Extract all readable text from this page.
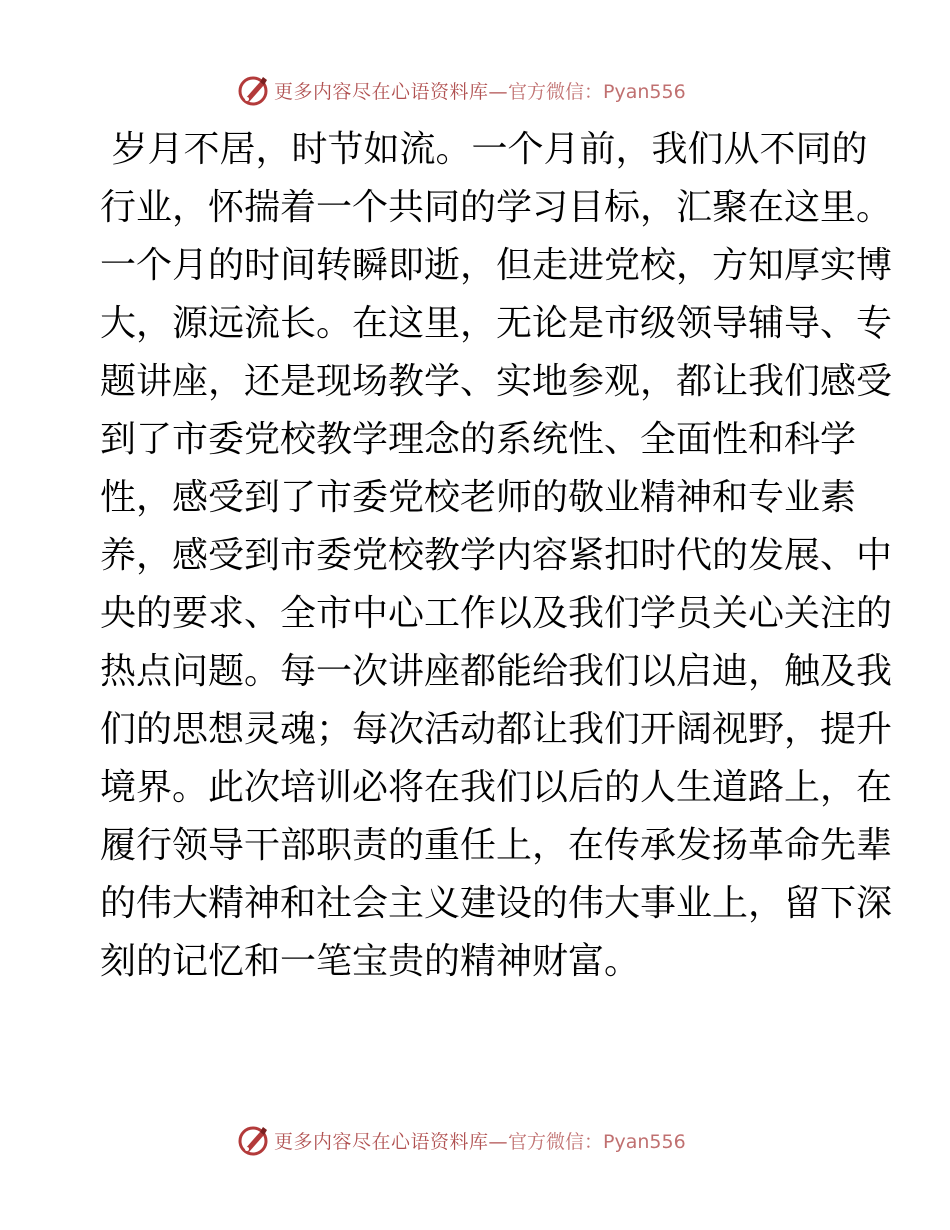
更多内容尽在心语资料库— 官方微信：Pyan556
岁月不居，时节如流。一个月前，我们从不同的
行业，怀揣着一个共同的学习目标，汇聚在这里。
一个月的时间转瞬即逝，但走进党校，方知厚实博
大，源远流长。在这里，无论是市级领导辅导、专
题讲座，还是现场教学、实地参观，都让我们感受
到了市委党校教学理念的系统性、全面性和科学
性，感受到了市委党校老师的敬业精神和专业素
养，感受到市委党校教学内容紧扣时代的发展、中
央的要求、全市中心工作以及我们学员关心关注的
热点问题。每一次讲座都能给我们以启迪，触及我
们的思想灵魂；每次活动都让我们开阔视野，提升
境界。此次培训必将在我们以后的人生道路上，在
履行领导干部职责的重任上，在传承发扬革命先辈
的伟大精神和社会主义建设的伟大事业上，留下深
刻的记忆和一笔宝贵的精神财富。
更多内容尽在心语资料库— 官方微信：Pyan556
